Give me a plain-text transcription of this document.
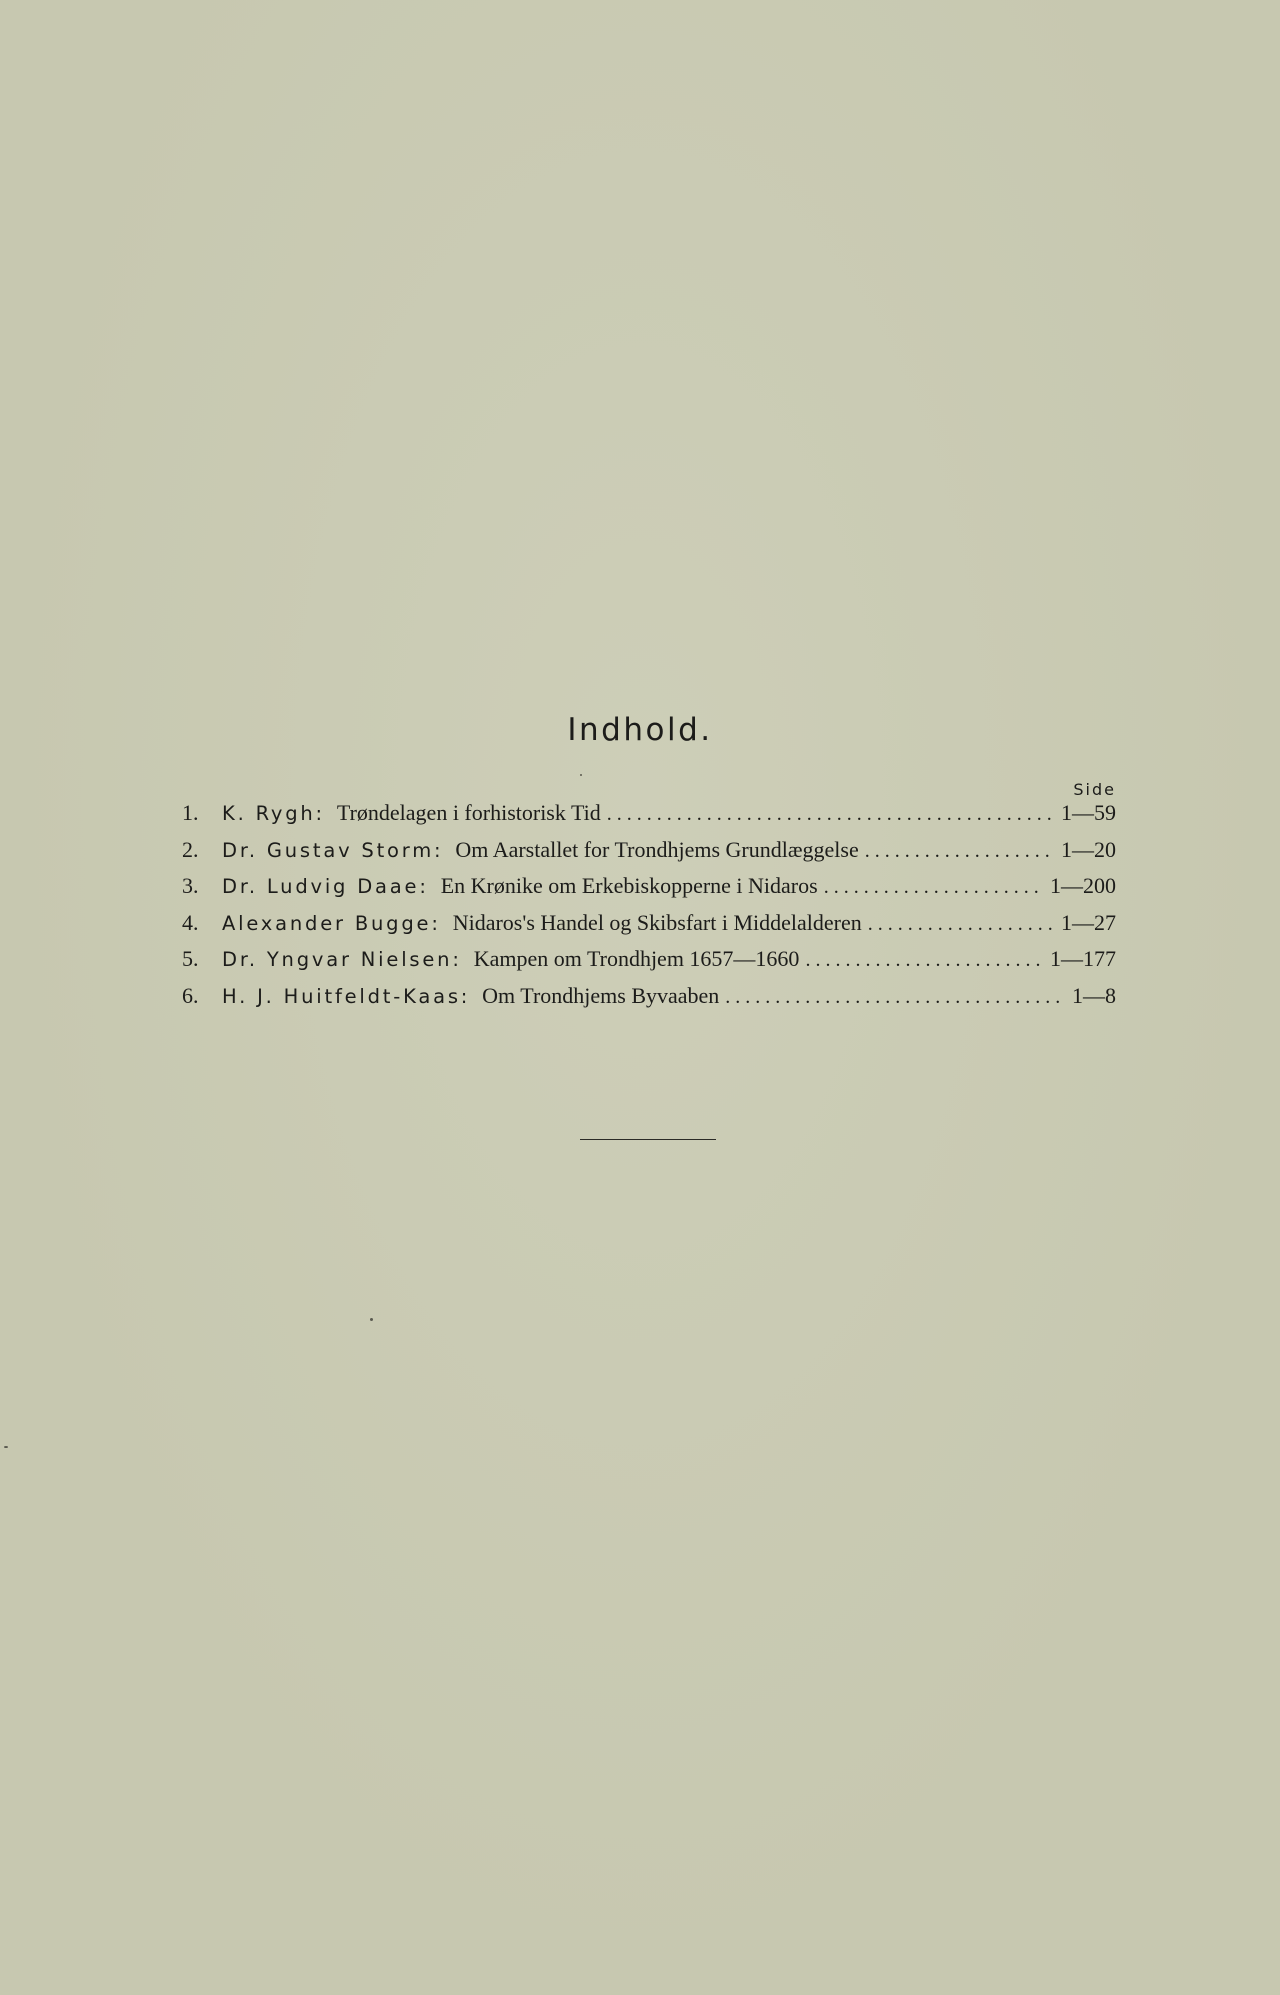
Indhold.
Side
1.	K. Rygh: Trøndelagen i forhistorisk Tid . . .	1—59
2.	Dr. Gustav Storm: Om Aarstallet for Trondhjems Grundlæggelse . . .	1—20
3.	Dr. Ludvig Daae: En Krønike om Erkebiskopperne i Nidaros . . .	1—200
4.	Alexander Bugge: Nidaros's Handel og Skibsfart i Middelalderen . . .	1—27
5.	Dr. Yngvar Nielsen: Kampen om Trondhjem 1657—1660 . . .	1—177
6.	H. J. Huitfeldt-Kaas: Om Trondhjems Byvaaben . . .	1—8
